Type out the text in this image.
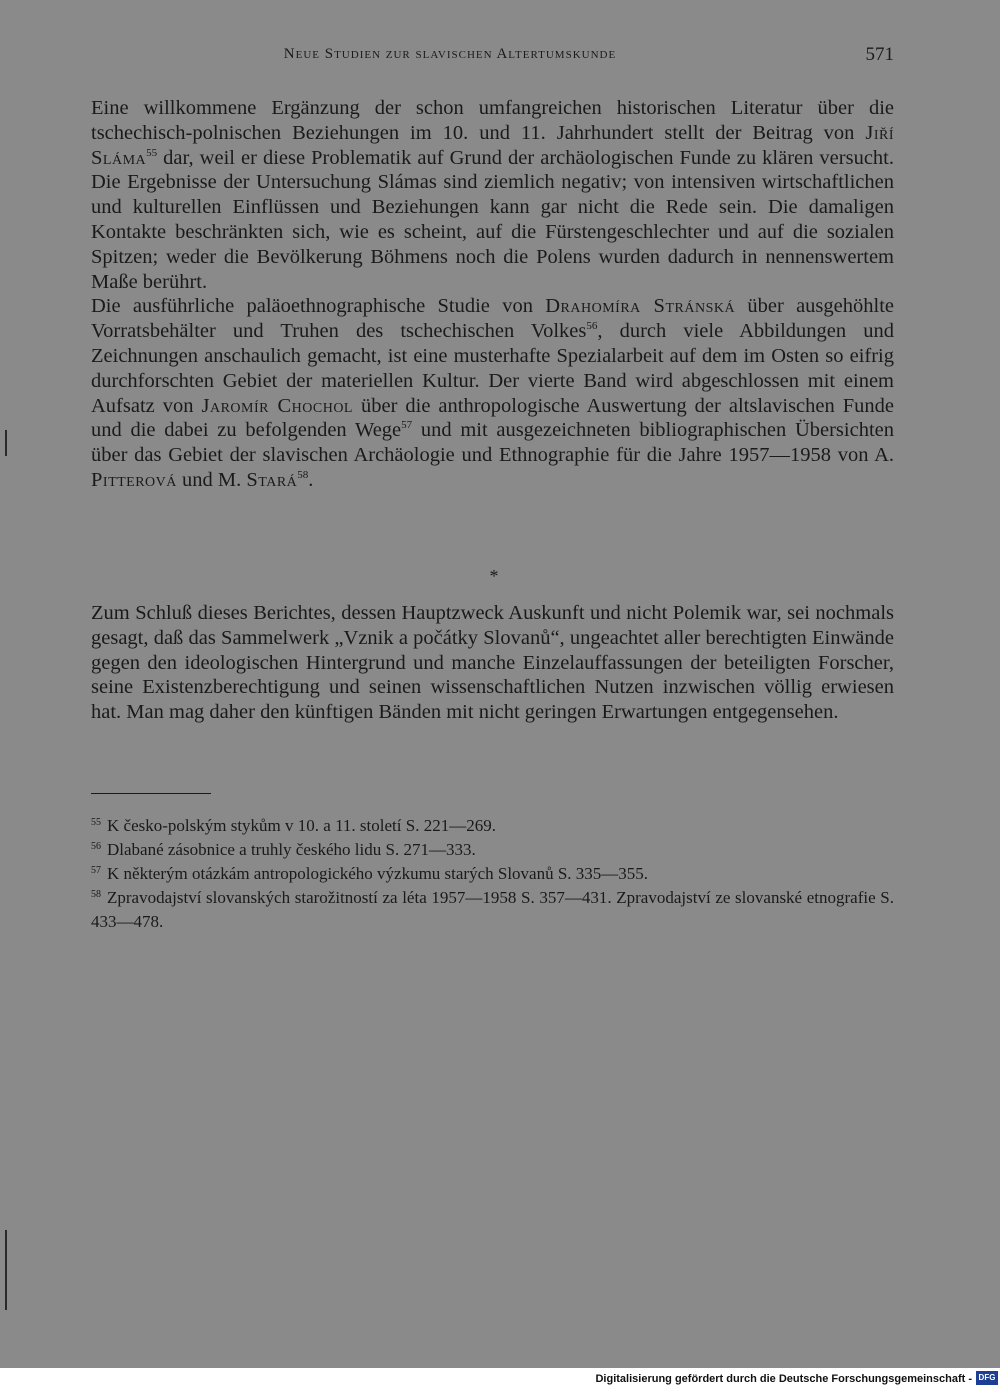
Neue Studien zur slavischen Altertumskunde	571

Eine willkommene Ergänzung der schon umfangreichen historischen Literatur über die tschechisch-polnischen Beziehungen im 10. und 11. Jahrhundert stellt der Beitrag von Jiří Sláma$^{55}$ dar, weil er diese Problematik auf Grund der archäologischen Funde zu klären versucht. Die Ergebnisse der Untersuchung Slámas sind ziemlich negativ; von intensiven wirtschaftlichen und kulturellen Einflüssen und Beziehungen kann gar nicht die Rede sein. Die damaligen Kontakte beschränkten sich, wie es scheint, auf die Fürstengeschlechter und auf die sozialen Spitzen; weder die Bevölkerung Böhmens noch die Polens wurden dadurch in nennenswertem Maße berührt.

Die ausführliche paläoethnographische Studie von Drahomíra Stránská über ausgehöhlte Vorratsbehälter und Truhen des tschechischen Volkes$^{56}$, durch viele Abbildungen und Zeichnungen anschaulich gemacht, ist eine musterhafte Spezialarbeit auf dem im Osten so eifrig durchforschten Gebiet der materiellen Kultur. Der vierte Band wird abgeschlossen mit einem Aufsatz von Jaromír Chochol über die anthropologische Auswertung der altslavischen Funde und die dabei zu befolgenden Wege$^{57}$ und mit ausgezeichneten bibliographischen Übersichten über das Gebiet der slavischen Archäologie und Ethnographie für die Jahre 1957—1958 von A. Pitterová und M. Stará$^{58}$.

*

Zum Schluß dieses Berichtes, dessen Hauptzweck Auskunft und nicht Polemik war, sei nochmals gesagt, daß das Sammelwerk „Vznik a počátky Slovanů“, ungeachtet aller berechtigten Einwände gegen den ideologischen Hintergrund und manche Einzelauffassungen der beteiligten Forscher, seine Existenzberechtigung und seinen wissenschaftlichen Nutzen inzwischen völlig erwiesen hat. Man mag daher den künftigen Bänden mit nicht geringen Erwartungen entgegensehen.

$^{55}$ K česko-polským stykům v 10. a 11. století S. 221—269.

$^{56}$ Dlabané zásobnice a truhly českého lidu S. 271—333.

$^{57}$ K některým otázkám antropologického výzkumu starých Slovanů S. 335—355.

$^{58}$ Zpravodajství slovanských starožitností za léta 1957—1958 S. 357—431. Zpravodajství ze slovanské etnografie S. 433—478.

Digitalisierung gefördert durch die Deutsche Forschungsgemeinschaft - DFG
